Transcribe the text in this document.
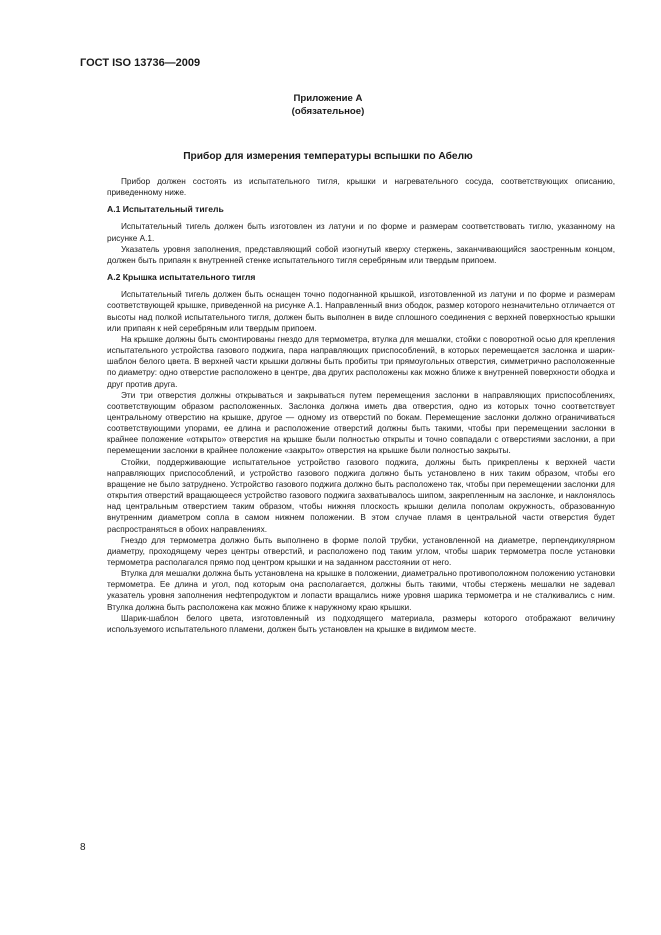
ГОСТ ISO 13736—2009
Приложение А
(обязательное)
Прибор для измерения температуры вспышки по Абелю

Прибор должен состоять из испытательного тигля, крышки и нагревательного сосуда, соответствующих описанию, приведенному ниже.

А.1 Испытательный тигель

Испытательный тигель должен быть изготовлен из латуни и по форме и размерам соответствовать тиглю, указанному на рисунке А.1.

Указатель уровня заполнения, представляющий собой изогнутый кверху стержень, заканчивающийся заостренным концом, должен быть припаян к внутренней стенке испытательного тигля серебряным или твердым припоем.

А.2 Крышка испытательного тигля

Испытательный тигель должен быть оснащен точно подогнанной крышкой, изготовленной из латуни и по форме и размерам соответствующей крышке, приведенной на рисунке А.1. Направленный вниз ободок, размер которого незначительно отличается от высоты над полкой испытательного тигля, должен быть выполнен в виде сплошного соединения с верхней поверхностью крышки или припаян к ней серебряным или твердым припоем.

На крышке должны быть смонтированы гнездо для термометра, втулка для мешалки, стойки с поворотной осью для крепления испытательного устройства газового поджига, пара направляющих приспособлений, в которых перемещается заслонка и шарик-шаблон белого цвета. В верхней части крышки должны быть пробиты три прямоугольных отверстия, симметрично расположенные по диаметру: одно отверстие расположено в центре, два других расположены как можно ближе к внутренней поверхности ободка и друг против друга.

Эти три отверстия должны открываться и закрываться путем перемещения заслонки в направляющих приспособлениях, соответствующим образом расположенных. Заслонка должна иметь два отверстия, одно из которых точно соответствует центральному отверстию на крышке, другое — одному из отверстий по бокам. Перемещение заслонки должно ограничиваться соответствующими упорами, ее длина и расположение отверстий должны быть такими, чтобы при перемещении заслонки в крайнее положение «открыто» отверстия на крышке были полностью открыты и точно совпадали с отверстиями заслонки, а при перемещении заслонки в крайнее положение «закрыто» отверстия на крышке были полностью закрыты.

Стойки, поддерживающие испытательное устройство газового поджига, должны быть прикреплены к верхней части направляющих приспособлений, и устройство газового поджига должно быть установлено в них таким образом, чтобы его вращение не было затруднено. Устройство газового поджига должно быть расположено так, чтобы при перемещении заслонки для открытия отверстий вращающееся устройство газового поджига захватывалось шипом, закрепленным на заслонке, и наклонялось над центральным отверстием таким образом, чтобы нижняя плоскость крышки делила пополам окружность, образованную внутренним диаметром сопла в самом нижнем положении. В этом случае пламя в центральной части отверстия будет распространяться в обоих направлениях.

Гнездо для термометра должно быть выполнено в форме полой трубки, установленной на диаметре, перпендикулярном диаметру, проходящему через центры отверстий, и расположено под таким углом, чтобы шарик термометра после установки термометра располагался прямо под центром крышки и на заданном расстоянии от него.

Втулка для мешалки должна быть установлена на крышке в положении, диаметрально противоположном положению установки термометра. Ее длина и угол, под которым она располагается, должны быть такими, чтобы стержень мешалки не задевал указатель уровня заполнения нефтепродуктом и лопасти вращались ниже уровня шарика термометра и не сталкивались с ним. Втулка должна быть расположена как можно ближе к наружному краю крышки.

Шарик-шаблон белого цвета, изготовленный из подходящего материала, размеры которого отображают величину используемого испытательного пламени, должен быть установлен на крышке в видимом месте.

8
